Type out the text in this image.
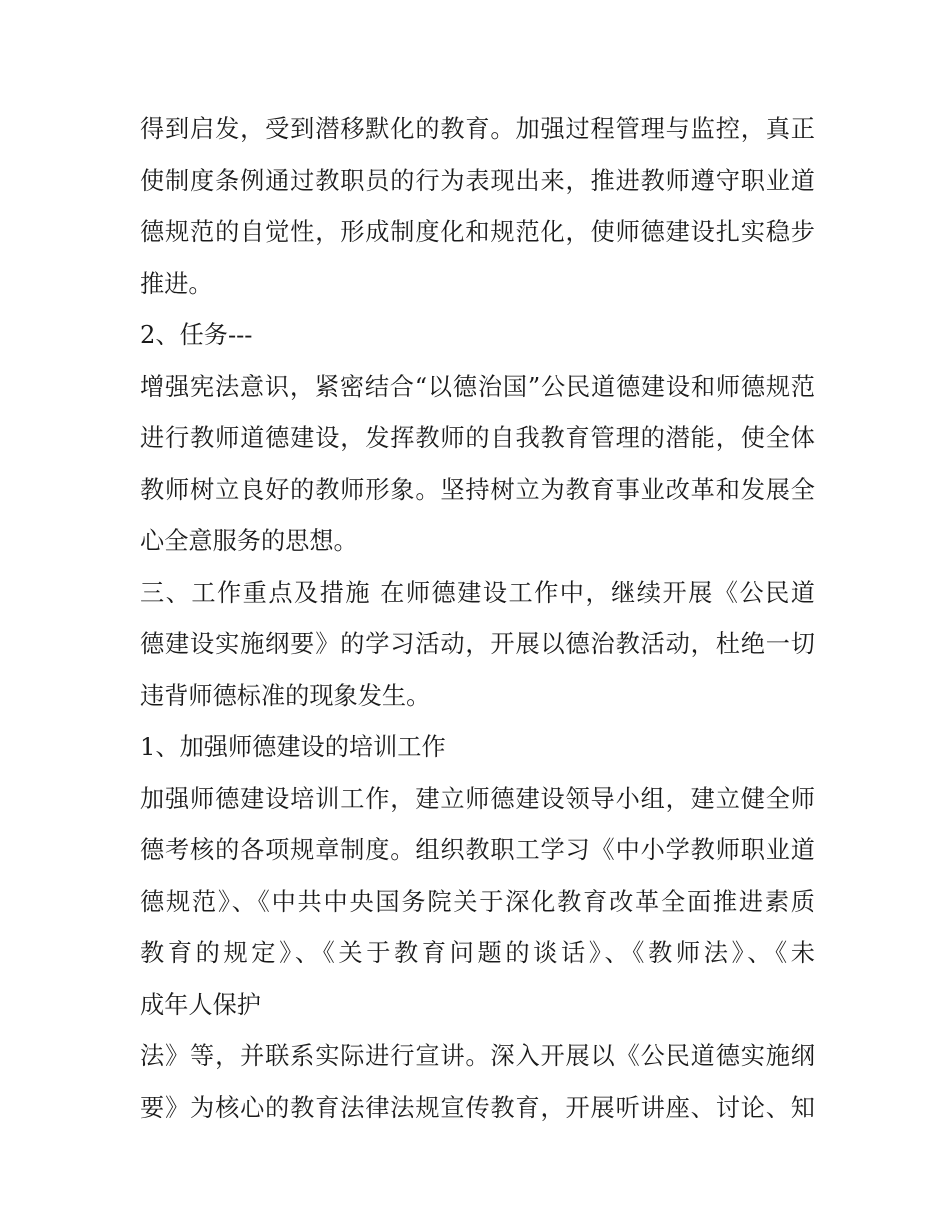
得到启发，受到潜移默化的教育。加强过程管理与监控，真正
使制度条例通过教职员的行为表现出来，推进教师遵守职业道
德规范的自觉性，形成制度化和规范化，使师德建设扎实稳步
推进。
2、任务---
增强宪法意识，紧密结合“以德治国”公民道德建设和师德规范
进行教师道德建设，发挥教师的自我教育管理的潜能，使全体
教师树立良好的教师形象。坚持树立为教育事业改革和发展全
心全意服务的思想。
三、工作重点及措施 在师德建设工作中，继续开展《公民道
德建设实施纲要》的学习活动，开展以德治教活动，杜绝一切
违背师德标准的现象发生。
1、加强师德建设的培训工作
加强师德建设培训工作，建立师德建设领导小组，建立健全师
德考核的各项规章制度。组织教职工学习《中小学教师职业道
德规范》、《中共中央国务院关于深化教育改革全面推进素质
教育的规定》、《关于教育问题的谈话》、《教师法》、《未
成年人保护
法》等，并联系实际进行宣讲。深入开展以《公民道德实施纲
要》为核心的教育法律法规宣传教育，开展听讲座、讨论、知
